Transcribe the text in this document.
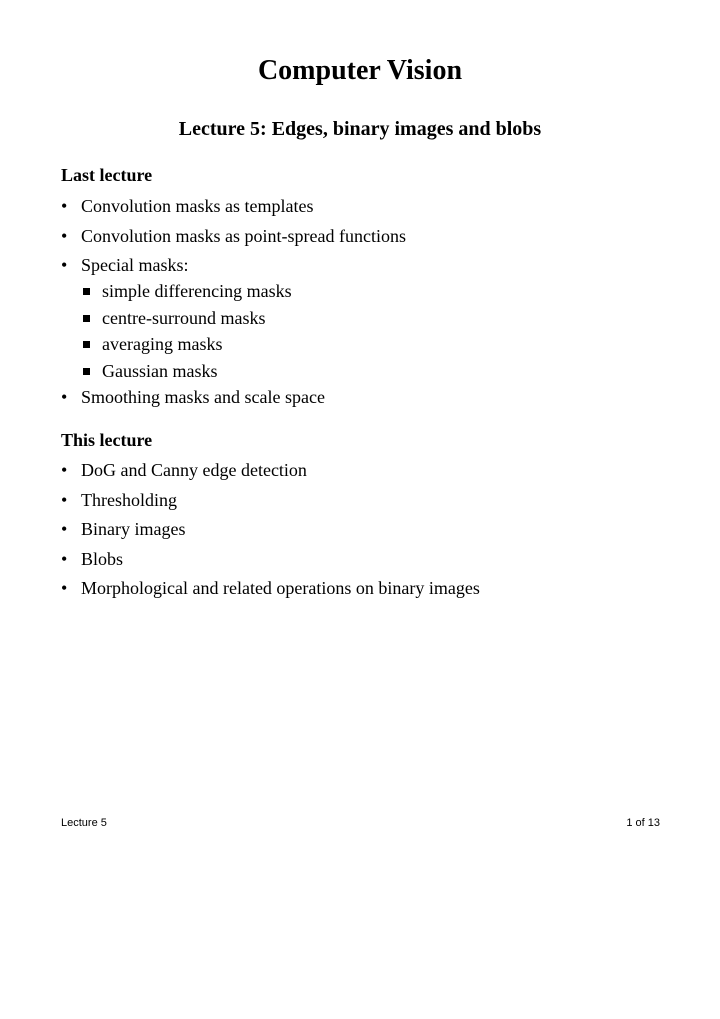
Computer Vision
Lecture 5: Edges, binary images and blobs
Last lecture
• Convolution masks as templates
• Convolution masks as point-spread functions
• Special masks:
simple differencing masks
centre-surround masks
averaging masks
Gaussian masks
• Smoothing masks and scale space
This lecture
• DoG and Canny edge detection
• Thresholding
• Binary images
• Blobs
• Morphological and related operations on binary images
Lecture 5	1 of 13
